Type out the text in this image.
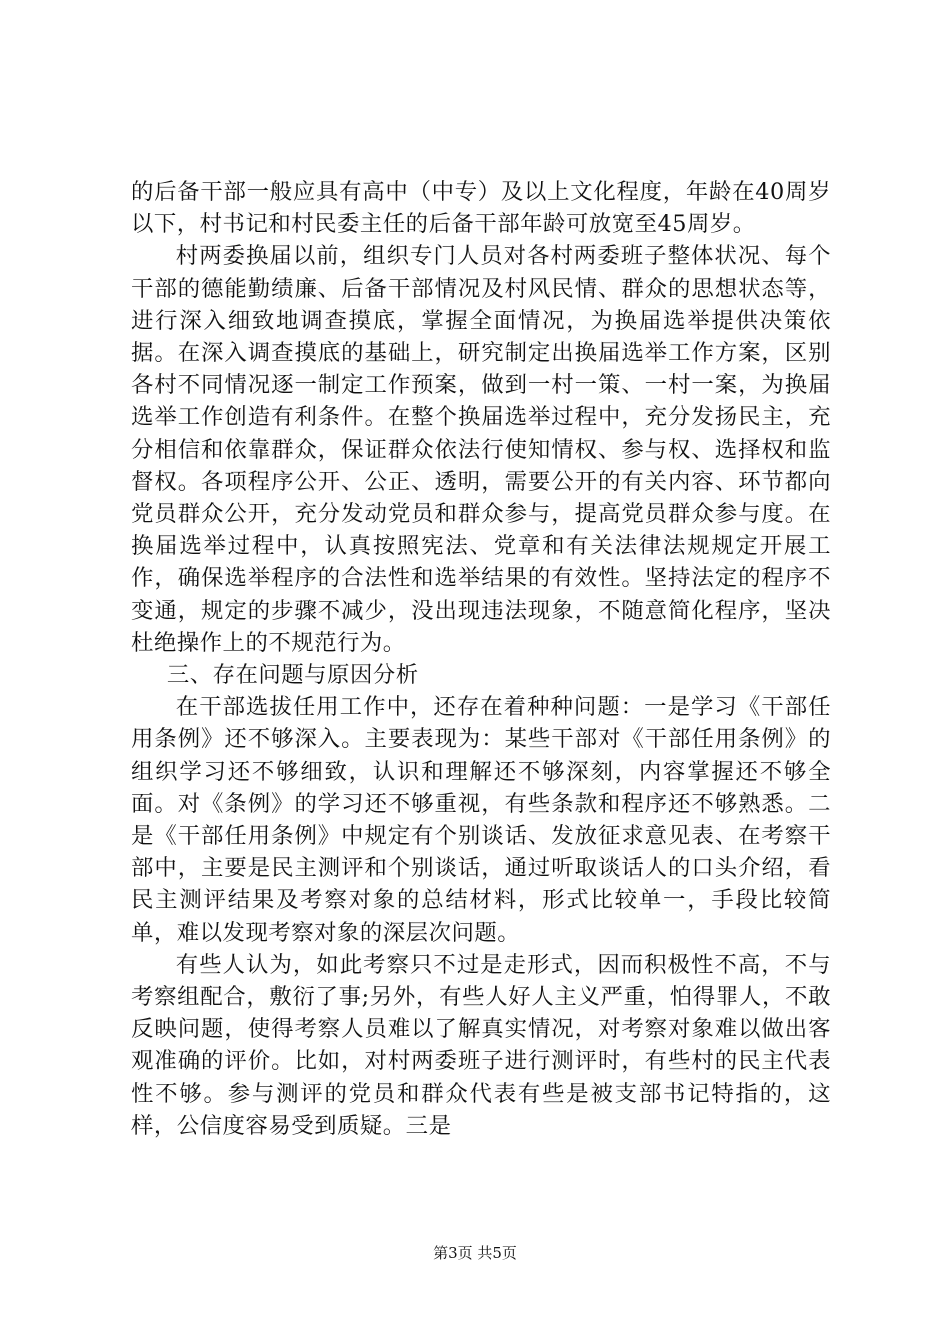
的后备干部一般应具有高中（中专）及以上文化程度，年龄在40周岁以下，村书记和村民委主任的后备干部年龄可放宽至45周岁。

村两委换届以前，组织专门人员对各村两委班子整体状况、每个干部的德能勤绩廉、后备干部情况及村风民情、群众的思想状态等，进行深入细致地调查摸底，掌握全面情况，为换届选举提供决策依据。在深入调查摸底的基础上，研究制定出换届选举工作方案，区别各村不同情况逐一制定工作预案，做到一村一策、一村一案，为换届选举工作创造有利条件。在整个换届选举过程中，充分发扬民主，充分相信和依靠群众，保证群众依法行使知情权、参与权、选择权和监督权。各项程序公开、公正、透明，需要公开的有关内容、环节都向党员群众公开，充分发动党员和群众参与，提高党员群众参与度。在换届选举过程中，认真按照宪法、党章和有关法律法规规定开展工作，确保选举程序的合法性和选举结果的有效性。坚持法定的程序不变通，规定的步骤不减少，没出现违法现象，不随意简化程序，坚决杜绝操作上的不规范行为。

三、存在问题与原因分析

在干部选拔任用工作中，还存在着种种问题：一是学习《干部任用条例》还不够深入。主要表现为：某些干部对《干部任用条例》的组织学习还不够细致，认识和理解还不够深刻，内容掌握还不够全面。对《条例》的学习还不够重视，有些条款和程序还不够熟悉。二是《干部任用条例》中规定有个别谈话、发放征求意见表、在考察干部中，主要是民主测评和个别谈话，通过听取谈话人的口头介绍，看民主测评结果及考察对象的总结材料，形式比较单一，手段比较简单，难以发现考察对象的深层次问题。

有些人认为，如此考察只不过是走形式，因而积极性不高，不与考察组配合，敷衍了事;另外，有些人好人主义严重，怕得罪人，不敢反映问题，使得考察人员难以了解真实情况，对考察对象难以做出客观准确的评价。比如，对村两委班子进行测评时，有些村的民主代表性不够。参与测评的党员和群众代表有些是被支部书记特指的，这样，公信度容易受到质疑。三是

第3页 共5页
